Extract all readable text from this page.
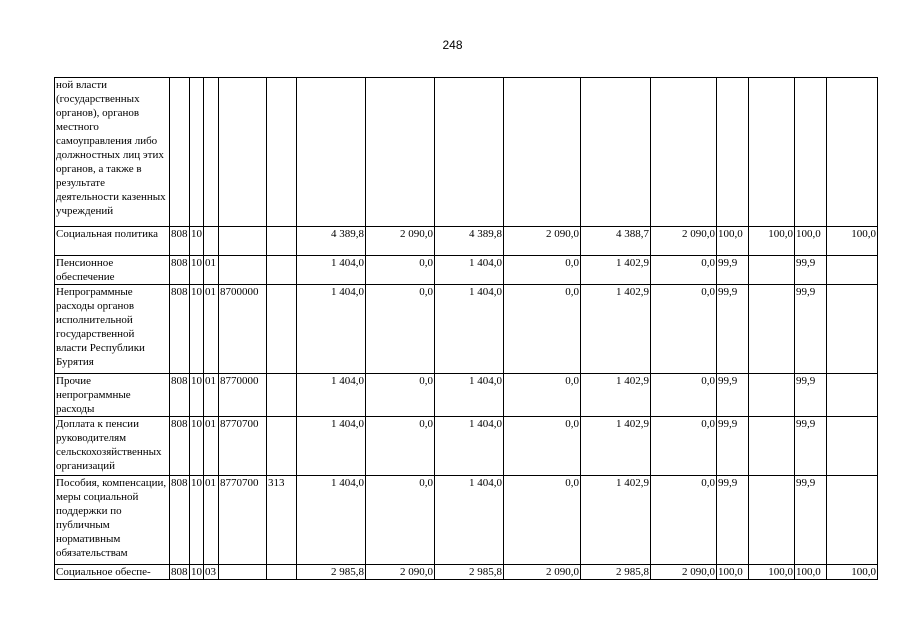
248
ной власти (государственных органов), органов местного самоуправления либо должностных лиц этих органов, а также в результате деятельности казенных учреждений															
Социальная политика	808	10				4 389,8	2 090,0	4 389,8	2 090,0	4 388,7	2 090,0	100,0	100,0	100,0	100,0
Пенсионное обеспечение	808	10	01			1 404,0	0,0	1 404,0	0,0	1 402,9	0,0	99,9		99,9	
Непрограммные расходы органов исполнительной государственной власти Республики Бурятия	808	10	01	8700000		1 404,0	0,0	1 404,0	0,0	1 402,9	0,0	99,9		99,9	
Прочие непрограммные расходы	808	10	01	8770000		1 404,0	0,0	1 404,0	0,0	1 402,9	0,0	99,9		99,9	
Доплата к пенсии руководителям сельскохозяйственных организаций	808	10	01	8770700		1 404,0	0,0	1 404,0	0,0	1 402,9	0,0	99,9		99,9	
Пособия, компенсации, меры социальной поддержки по публичным нормативным обязательствам	808	10	01	8770700	313	1 404,0	0,0	1 404,0	0,0	1 402,9	0,0	99,9		99,9	
Социальное обеспе-	808	10	03			2 985,8	2 090,0	2 985,8	2 090,0	2 985,8	2 090,0	100,0	100,0	100,0	100,0
